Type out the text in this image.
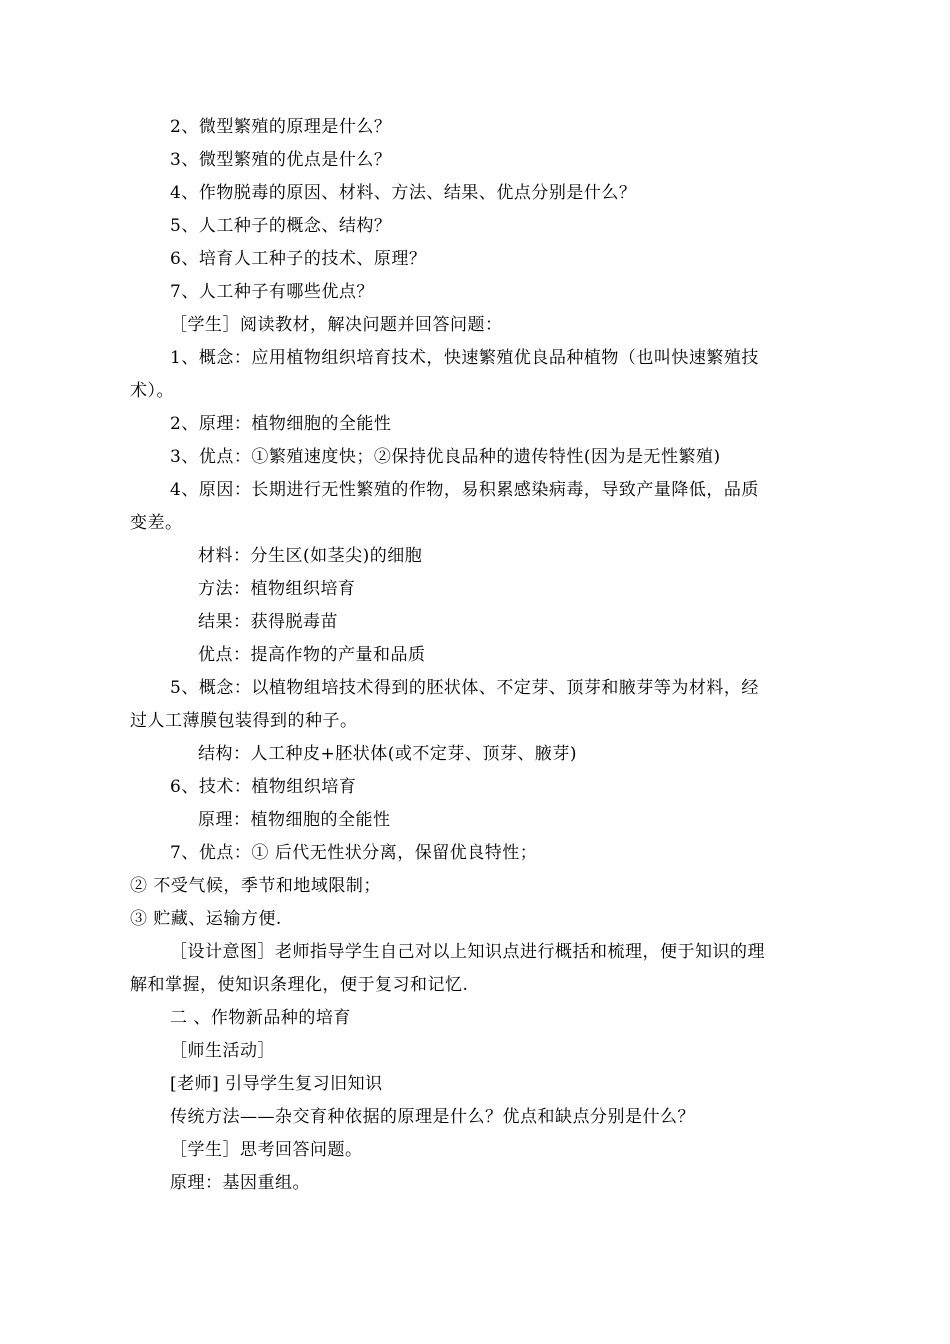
2、微型繁殖的原理是什么？
3、微型繁殖的优点是什么？
4、作物脱毒的原因、材料、方法、结果、优点分别是什么？
5、人工种子的概念、结构？
6、培育人工种子的技术、原理？
7、人工种子有哪些优点？
［学生］阅读教材，解决问题并回答问题：
1、概念：应用植物组织培育技术，快速繁殖优良品种植物（也叫快速繁殖技
术）。
2、原理：植物细胞的全能性
3、优点：①繁殖速度快；②保持优良品种的遗传特性(因为是无性繁殖)
4、原因：长期进行无性繁殖的作物，易积累感染病毒，导致产量降低，品质
变差。
材料：分生区(如茎尖)的细胞
方法：植物组织培育
结果：获得脱毒苗
优点：提高作物的产量和品质
5、概念：以植物组培技术得到的胚状体、不定芽、顶芽和腋芽等为材料，经
过人工薄膜包装得到的种子。
结构：人工种皮+胚状体(或不定芽、顶芽、腋芽)
6、技术：植物组织培育
原理：植物细胞的全能性
7、优点：① 后代无性状分离，保留优良特性；
② 不受气候，季节和地域限制；
③ 贮藏、运输方便.
［设计意图］老师指导学生自己对以上知识点进行概括和梳理，便于知识的理
解和掌握，使知识条理化，便于复习和记忆.
二 、作物新品种的培育
［师生活动］
[老师] 引导学生复习旧知识
传统方法——杂交育种依据的原理是什么？优点和缺点分别是什么？
［学生］思考回答问题。
原理：基因重组。
